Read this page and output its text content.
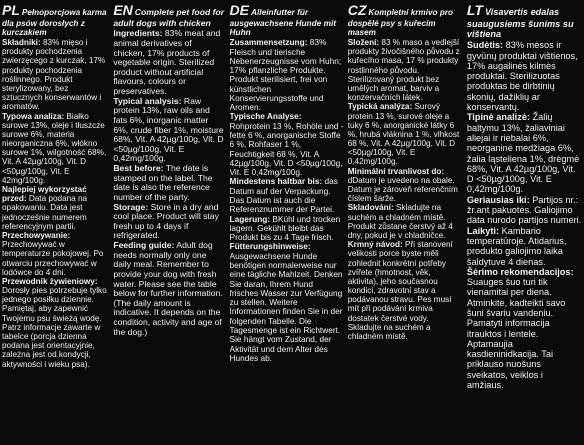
PL Pełnoporcjowa karma dla psów dorosłych z kurczakiem

Składniki: 83% mięso i produkty pochodzenia zwierzęcego z kurczak, 17% produkty pochodzenia roślinnego. Produkt sterylizowany, bez sztucznych konserwantów i aromatów.

Typowa analiza: Białko surowe 13%, oleje i tłuszcze surowe 6%, materia nieorganiczna 6%, włókno surowe 1%, wilgotność 68%, Vit. A 42µg/100g, Vit. D <50µg/100g, Vit. E 42mg/100g.

Najlepiej wykorzystać przed: Data podana na opakowaniu. Data jest jednocześnie numerem referencyjnym partii.

Przechowywanie: Przechowywać w temperaturze pokojowej. Po otwarciu przechowywać w lodówce do 4 dni.

Przewodnik żywieniowy: Dorosły pies potrzebuje tylko jednego posiłku dziennie. Pamiętaj, aby zapewnić Twojemu psu świeżą wodę. Patrz informacje zawarte w tabelce (porcja dzienna podana jest orientacyjnie, zależna jest od kondycji, aktywności i wieku psa).

EN Complete pet food for adult dogs with chicken

Ingredients: 83% meat and animal derivatives of chicken, 17% products of vegetable origin. Sterilized product without artificial flavours, colours or preservatives.

Typical analysis: Raw protein 13%, raw oils and fats 6%, inorganic matter 6%, crude fiber 1%, moisture 68%, Vit. A 42µg/100g, Vit. D <50µg/100g, Vit. E 0,42mg/100g.

Best before: The date is stamped on the label. The date is also the reference number of the party.

Storage: Store in a dry and cool place. Product will stay fresh up to 4 days if refrigerated.

Feeding guide: Adult dog needs normally only one daily meal. Remember to provide your dog with fresh water. Please see the table below for further information. (The daily amount is indicative. It depends on the condition, activity and age of the dog.)

DE Alleinfutter für ausgewachsene Hunde mit Huhn

Zusammensetzung: 83% Fleisch und tierische Nebenerzeugnisse vom Huhn; 17% pflanzliche Produkte. Produkt sterilisiert, frei von künstlichen Konservierungsstoffe und Aromen.

Typische Analyse: Rohprotein 13 %, Rohöle und -fette 6 %, anorganische Stoffe 6 %, Rohfaser 1 %, Feuchtigkeit 68 %, Vit. A 42µg/100g, Vit. D <50µg/100g, Vit. E 0,42mg/100g.

Mindestens haltbar bis: das Datum auf der Verpackung. Das Datum ist auch die Referenznummer der Partei.

Lagerung: BKühl und trocken lagern. Gekühlt bleibt das Produkt bis zu 4 Tage frisch.

Fütterungshinweise: Ausgewachsene Hunde benötigen normalerweise nur eine tägliche Mahlzeit. Denken Sie daran, Ihrem Hund frisches Wasser zur Verfügung zu stellen. Weitere Informationen finden Sie in der folgenden Tabelle. Die Tagesmenge ist ein Richtwert. Sie hängt vom Zustand, der Aktivität und dem Alter des Hundes ab.

CZ Kompletní krmivo pro dospělé psy s kuřecím masem

Složení: 83 % maso a vedlejší produkty živočišného původu z kuřecího masa, 17 % produkty rostlinného původu. Sterilizovaný produkt bez umělých aromat, barviv a konzervačních látek.

Typická analýza: Surový protein 13 %, surové oleje a tuky 6 %, anorganické látky 6 %, hrubá vláknina 1 %, vlhkost 68 %, Vit. A 42µg/100g, Vit. D <50µg/100g, Vit. E 0,42mg/100g.

Minimální trvanlivost do: dDatum je uvedeno na obale. Datum je zároveň referenčním číslem šarže.

Skladování: Skladujte na suchém a chladném místě. Produkt zůstane čerstvý až 4 dny, pokud je v chladničce.

Krmný návod: Při stanovení velikosti porce byste měli zohlednit konkrétní potřeby zvířete (hmotnost, věk, aktivita), jeho současnou kondici, zdravotní stav a podávanou stravu. Pes musí mít při podávání krmiva dostatek čerstvé vody. Skladujte na suchém a chladném místě.

LT Visavertis edalas suaugusiems šunims su vištiena

Sudėtis: 83% mėsos ir gyvūnų produktai vištienos, 17% augalinės kilmės produktai. Sterilizuotas produktas be dirbtinių skonių, dažiklių ar konservantų.

Tipinė analizė: Žalių baltymu 13%, žaliaviniai aliejai ir riebalai 6%, neorganinė medžiaga 6%, žalia ląsteliena 1%, drėgmė 68%, Vit. A 42µg/100g, Vit. D <50µg/100g, Vit. E 0,42mg/100g.

Geriausias iki: Partijos nr.: žr.ant pakuotės. Galiojimo data nurodo partijos numeri.

Laikyti: Kambario temperatūroje. Atidarius, produkto galiojimo laika šaldytuve 4 dienas.

Šėrimo rekomendacijos: Suauges šuo turi tik vienamitai per diena. Atminkite, kadteikti savo šuni švariu vandeniu. Pamatyti informacija itrauktos i lentele. Aptamaujia kasdieninidkacija. Tai priklauso nuošuns sveikatos, veiklos i amžiaus.
